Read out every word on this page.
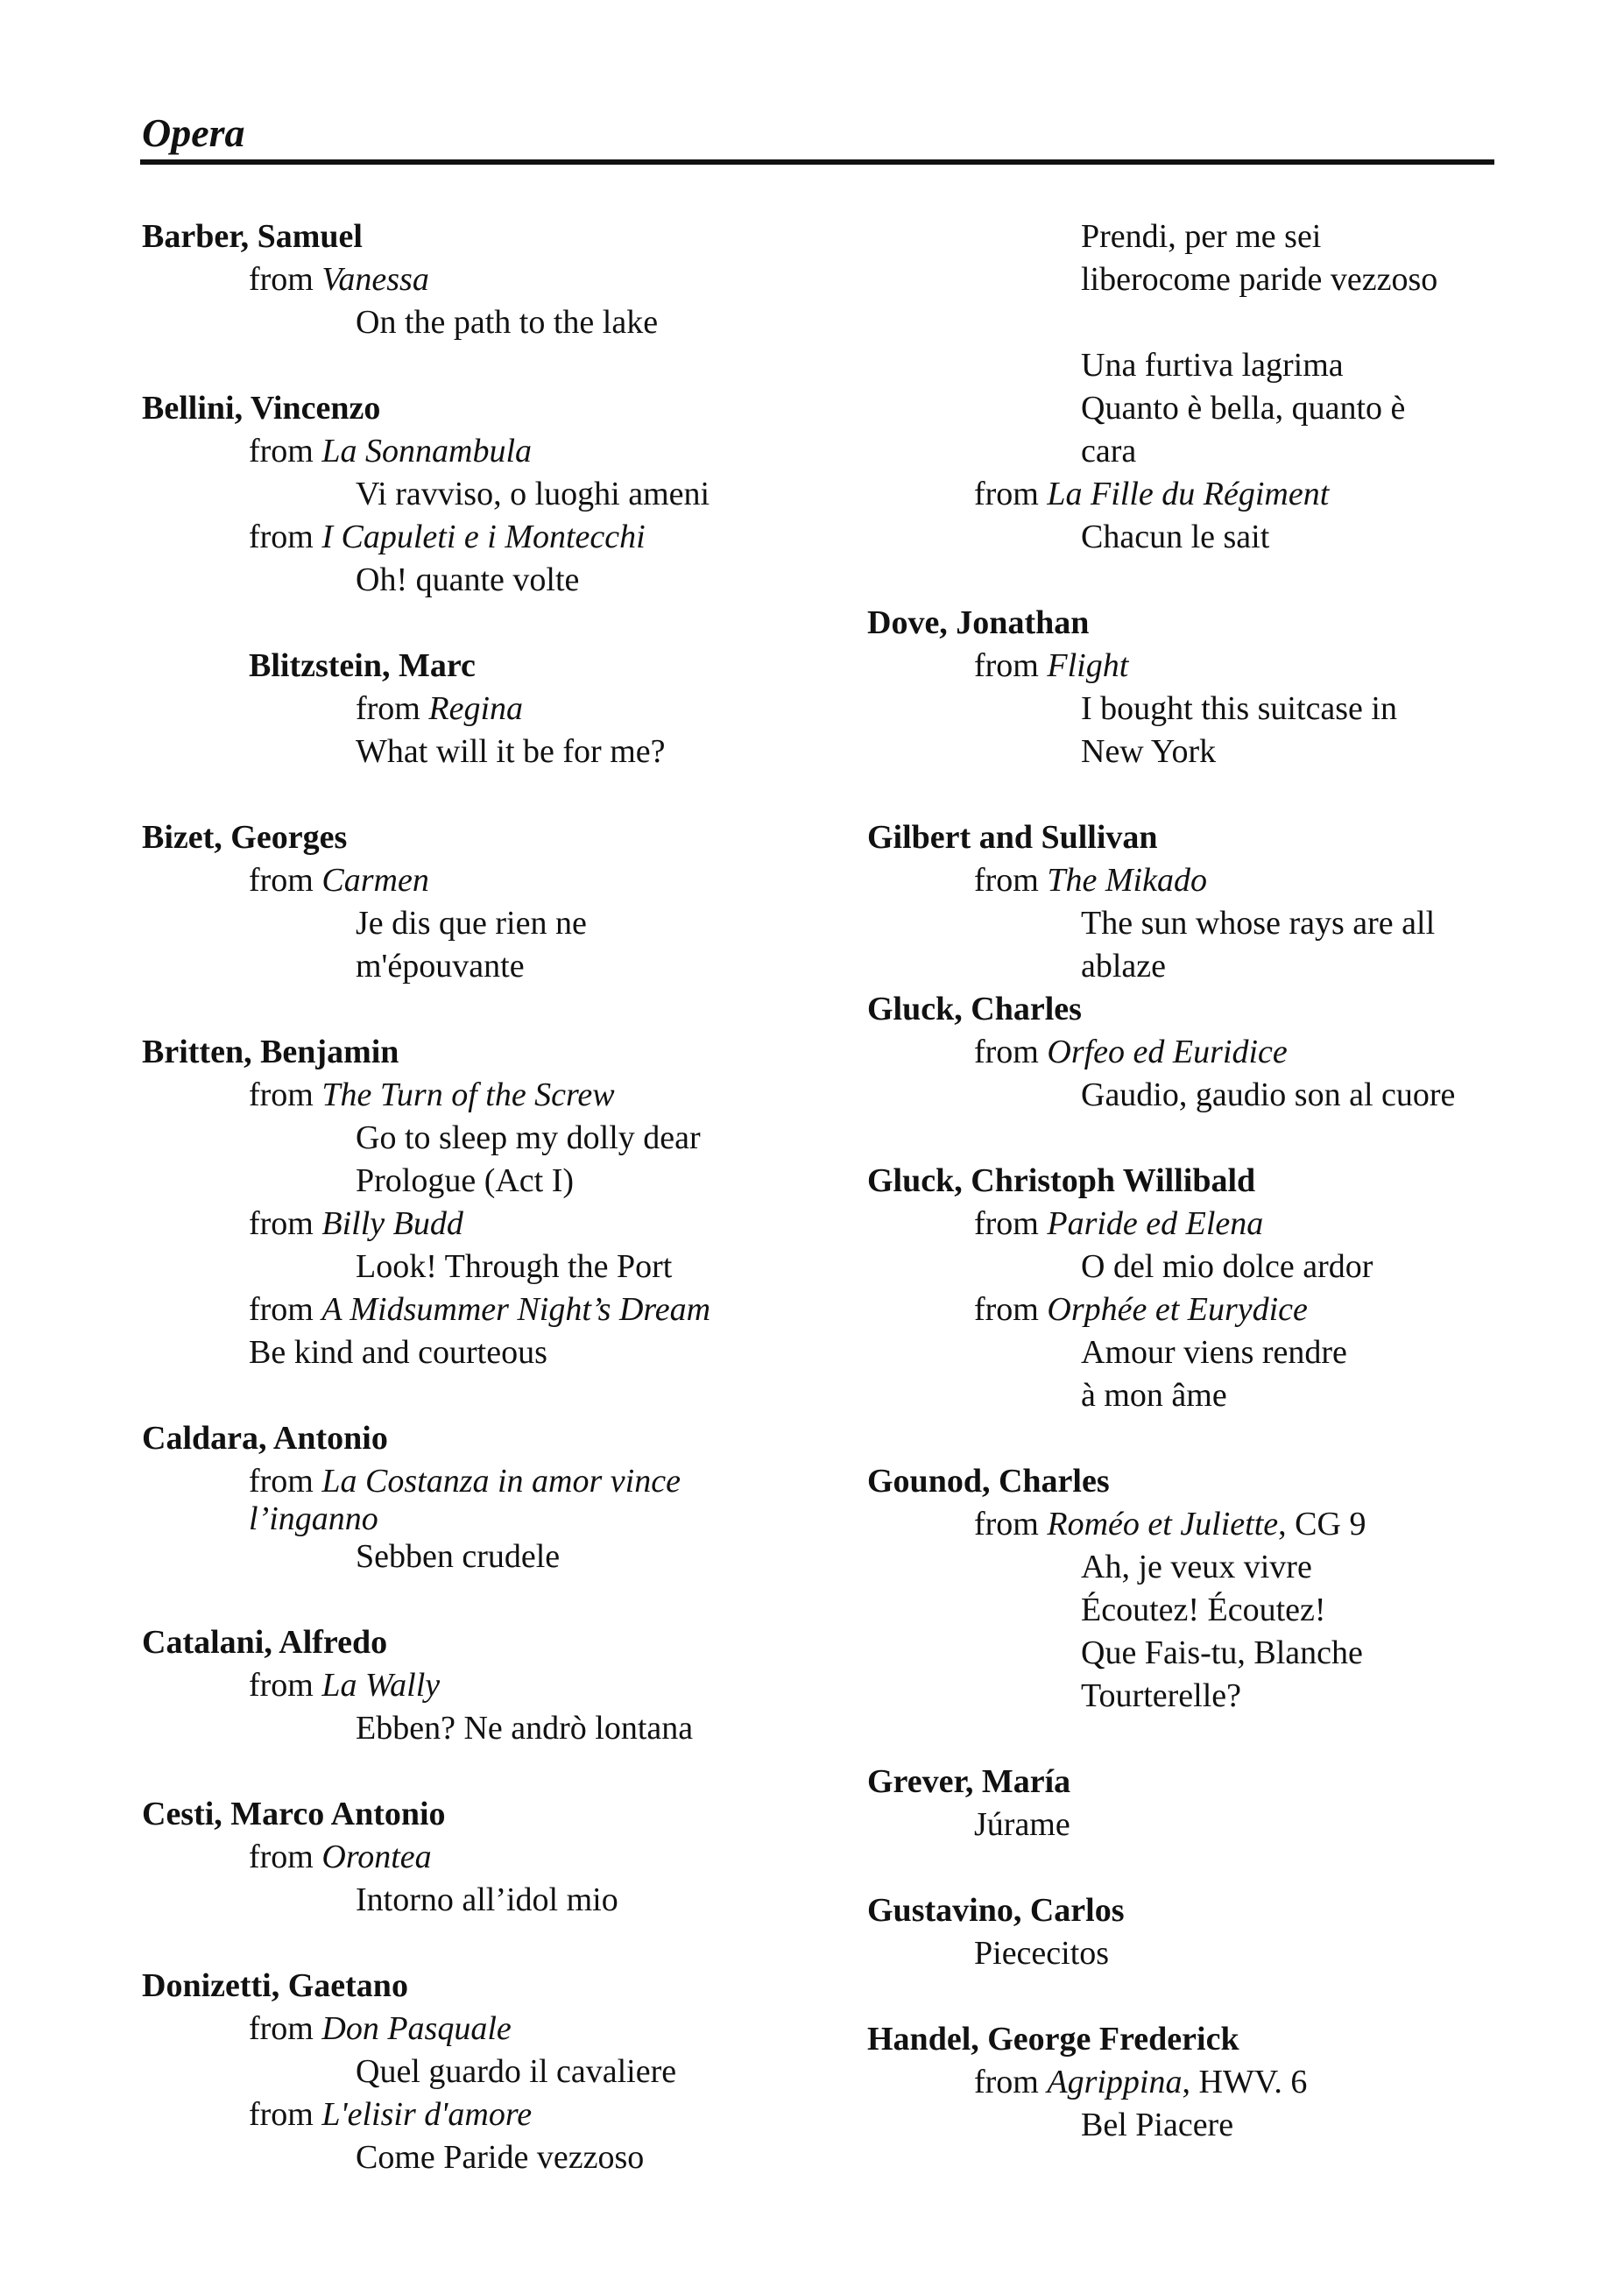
Opera
Barber, Samuel
from Vanessa
On the path to the lake
Bellini, Vincenzo
from La Sonnambula
Vi ravviso, o luoghi ameni
from I Capuleti e i Montecchi
Oh! quante volte
Blitzstein, Marc
from Regina
What will it be for me?
Bizet, Georges
from Carmen
Je dis que rien ne
m'épouvante
Britten, Benjamin
from The Turn of the Screw
Go to sleep my dolly dear
Prologue (Act I)
from Billy Budd
Look! Through the Port
from A Midsummer Night’s Dream
Be kind and courteous
Caldara, Antonio
from La Costanza in amor vince
l’inganno
Sebben crudele
Catalani, Alfredo
from La Wally
Ebben? Ne andrò lontana
Cesti, Marco Antonio
from Orontea
Intorno all’idol mio
Donizetti, Gaetano
from Don Pasquale
Quel guardo il cavaliere
from L'elisir d'amore
Come Paride vezzoso
Prendi, per me sei
liberocome paride vezzoso
Una furtiva lagrima
Quanto è bella, quanto è
cara
from La Fille du Régiment
Chacun le sait
Dove, Jonathan
from Flight
I bought this suitcase in
New York
Gilbert and Sullivan
from The Mikado
The sun whose rays are all
ablaze
Gluck, Charles
from Orfeo ed Euridice
Gaudio, gaudio son al cuore
Gluck, Christoph Willibald
from Paride ed Elena
O del mio dolce ardor
from Orphée et Eurydice
Amour viens rendre
à mon âme
Gounod, Charles
from Roméo et Juliette, CG 9
Ah, je veux vivre
Écoutez! Écoutez!
Que Fais-tu, Blanche
Tourterelle?
Grever, María
Júrame
Gustavino, Carlos
Piececitos
Handel, George Frederick
from Agrippina, HWV. 6
Bel Piacere
